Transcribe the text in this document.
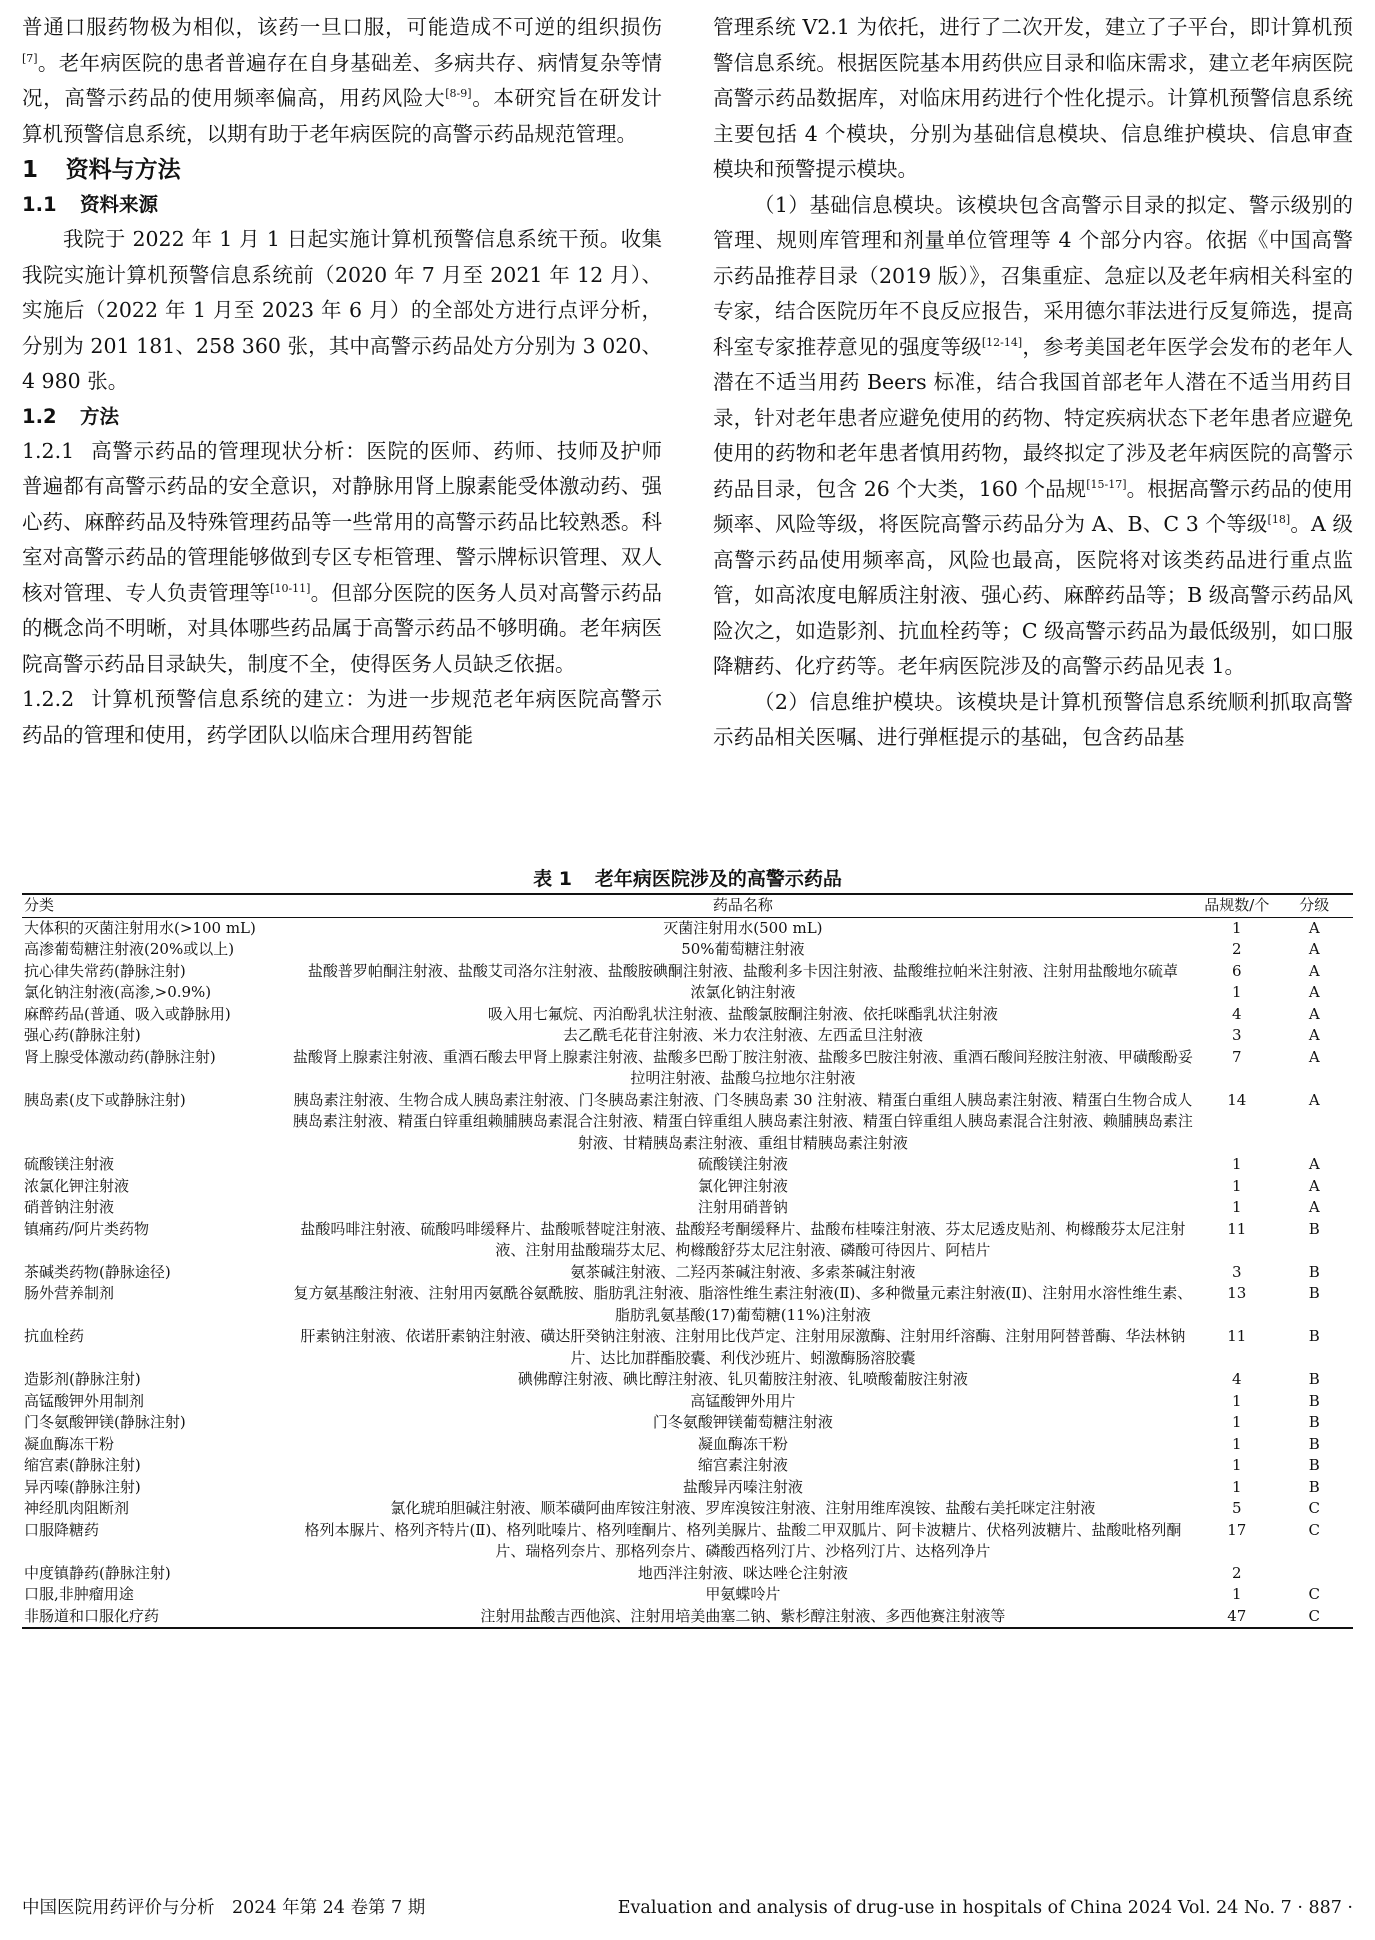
普通口服药物极为相似，该药一旦口服，可能造成不可逆的组织损伤[7]。老年病医院的患者普遍存在自身基础差、多病共存、病情复杂等情况，高警示药品的使用频率偏高，用药风险大[8-9]。本研究旨在研发计算机预警信息系统，以期有助于老年病医院的高警示药品规范管理。

1 资料与方法

1.1 资料来源

我院于 2022 年 1 月 1 日起实施计算机预警信息系统干预。收集我院实施计算机预警信息系统前（2020 年 7 月至 2021 年 12 月）、实施后（2022 年 1 月至 2023 年 6 月）的全部处方进行点评分析，分别为 201 181、258 360 张，其中高警示药品处方分别为 3 020、4 980 张。

1.2 方法

1.2.1 高警示药品的管理现状分析：医院的医师、药师、技师及护师普遍都有高警示药品的安全意识，对静脉用肾上腺素能受体激动药、强心药、麻醉药品及特殊管理药品等一些常用的高警示药品比较熟悉。科室对高警示药品的管理能够做到专区专柜管理、警示牌标识管理、双人核对管理、专人负责管理等[10-11]。但部分医院的医务人员对高警示药品的概念尚不明晰，对具体哪些药品属于高警示药品不够明确。老年病医院高警示药品目录缺失，制度不全，使得医务人员缺乏依据。

1.2.2 计算机预警信息系统的建立：为进一步规范老年病医院高警示药品的管理和使用，药学团队以临床合理用药智能

管理系统 V2.1 为依托，进行了二次开发，建立了子平台，即计算机预警信息系统。根据医院基本用药供应目录和临床需求，建立老年病医院高警示药品数据库，对临床用药进行个性化提示。计算机预警信息系统主要包括 4 个模块，分别为基础信息模块、信息维护模块、信息审查模块和预警提示模块。

（1）基础信息模块。该模块包含高警示目录的拟定、警示级别的管理、规则库管理和剂量单位管理等 4 个部分内容。依据《中国高警示药品推荐目录（2019 版）》，召集重症、急症以及老年病相关科室的专家，结合医院历年不良反应报告，采用德尔菲法进行反复筛选，提高科室专家推荐意见的强度等级[12-14]，参考美国老年医学会发布的老年人潜在不适当用药 Beers 标准，结合我国首部老年人潜在不适当用药目录，针对老年患者应避免使用的药物、特定疾病状态下老年患者应避免使用的药物和老年患者慎用药物，最终拟定了涉及老年病医院的高警示药品目录，包含 26 个大类，160 个品规[15-17]。根据高警示药品的使用频率、风险等级，将医院高警示药品分为 A、B、C 3 个等级[18]。A 级高警示药品使用频率高，风险也最高，医院将对该类药品进行重点监管，如高浓度电解质注射液、强心药、麻醉药品等；B 级高警示药品风险次之，如造影剂、抗血栓药等；C 级高警示药品为最低级别，如口服降糖药、化疗药等。老年病医院涉及的高警示药品见表 1。

（2）信息维护模块。该模块是计算机预警信息系统顺利抓取高警示药品相关医嘱、进行弹框提示的基础，包含药品基

表 1 老年病医院涉及的高警示药品
分类	药品名称	品规数/个	分级
大体积的灭菌注射用水(>100 mL)	灭菌注射用水(500 mL)	1	A
高渗葡萄糖注射液(20%或以上)	50%葡萄糖注射液	2	A
抗心律失常药(静脉注射)	盐酸普罗帕酮注射液、盐酸艾司洛尔注射液、盐酸胺碘酮注射液、盐酸利多卡因注射液、盐酸维拉帕米注射液、注射用盐酸地尔硫䓬	6	A
氯化钠注射液(高渗,>0.9%)	浓氯化钠注射液	1	A
麻醉药品(普通、吸入或静脉用)	吸入用七氟烷、丙泊酚乳状注射液、盐酸氯胺酮注射液、依托咪酯乳状注射液	4	A
强心药(静脉注射)	去乙酰毛花苷注射液、米力农注射液、左西孟旦注射液	3	A
肾上腺受体激动药(静脉注射)	盐酸肾上腺素注射液、重酒石酸去甲肾上腺素注射液、盐酸多巴酚丁胺注射液、盐酸多巴胺注射液、重酒石酸间羟胺注射液、甲磺酸酚妥拉明注射液、盐酸乌拉地尔注射液	7	A
胰岛素(皮下或静脉注射)	胰岛素注射液、生物合成人胰岛素注射液、门冬胰岛素注射液、门冬胰岛素 30 注射液、精蛋白重组人胰岛素注射液、精蛋白生物合成人胰岛素注射液、精蛋白锌重组赖脯胰岛素混合注射液、精蛋白锌重组人胰岛素注射液、精蛋白锌重组人胰岛素混合注射液、赖脯胰岛素注射液、甘精胰岛素注射液、重组甘精胰岛素注射液	14	A
硫酸镁注射液	硫酸镁注射液	1	A
浓氯化钾注射液	氯化钾注射液	1	A
硝普钠注射液	注射用硝普钠	1	A
镇痛药/阿片类药物	盐酸吗啡注射液、硫酸吗啡缓释片、盐酸哌替啶注射液、盐酸羟考酮缓释片、盐酸布桂嗪注射液、芬太尼透皮贴剂、枸橼酸芬太尼注射液、注射用盐酸瑞芬太尼、枸橼酸舒芬太尼注射液、磷酸可待因片、阿桔片	11	B
茶碱类药物(静脉途径)	氨茶碱注射液、二羟丙茶碱注射液、多索茶碱注射液	3	B
肠外营养制剂	复方氨基酸注射液、注射用丙氨酰谷氨酰胺、脂肪乳注射液、脂溶性维生素注射液(Ⅱ)、多种微量元素注射液(Ⅱ)、注射用水溶性维生素、脂肪乳氨基酸(17)葡萄糖(11%)注射液	13	B
抗血栓药	肝素钠注射液、依诺肝素钠注射液、磺达肝癸钠注射液、注射用比伐芦定、注射用尿激酶、注射用纤溶酶、注射用阿替普酶、华法林钠片、达比加群酯胶囊、利伐沙班片、蚓激酶肠溶胶囊	11	B
造影剂(静脉注射)	碘佛醇注射液、碘比醇注射液、钆贝葡胺注射液、钆喷酸葡胺注射液	4	B
高锰酸钾外用制剂	高锰酸钾外用片	1	B
门冬氨酸钾镁(静脉注射)	门冬氨酸钾镁葡萄糖注射液	1	B
凝血酶冻干粉	凝血酶冻干粉	1	B
缩宫素(静脉注射)	缩宫素注射液	1	B
异丙嗪(静脉注射)	盐酸异丙嗪注射液	1	B
神经肌肉阻断剂	氯化琥珀胆碱注射液、顺苯磺阿曲库铵注射液、罗库溴铵注射液、注射用维库溴铵、盐酸右美托咪定注射液	5	C
口服降糖药	格列本脲片、格列齐特片(Ⅱ)、格列吡嗪片、格列喹酮片、格列美脲片、盐酸二甲双胍片、阿卡波糖片、伏格列波糖片、盐酸吡格列酮片、瑞格列奈片、那格列奈片、磷酸西格列汀片、沙格列汀片、达格列净片	17	C
中度镇静药(静脉注射)	地西泮注射液、咪达唑仑注射液	2	
口服,非肿瘤用途	甲氨蝶呤片	1	C
非肠道和口服化疗药	注射用盐酸吉西他滨、注射用培美曲塞二钠、紫杉醇注射液、多西他赛注射液等	47	C
中国医院用药评价与分析　2024 年第 24 卷第 7 期	Evaluation and analysis of drug-use in hospitals of China 2024 Vol. 24 No. 7 · 887 ·
